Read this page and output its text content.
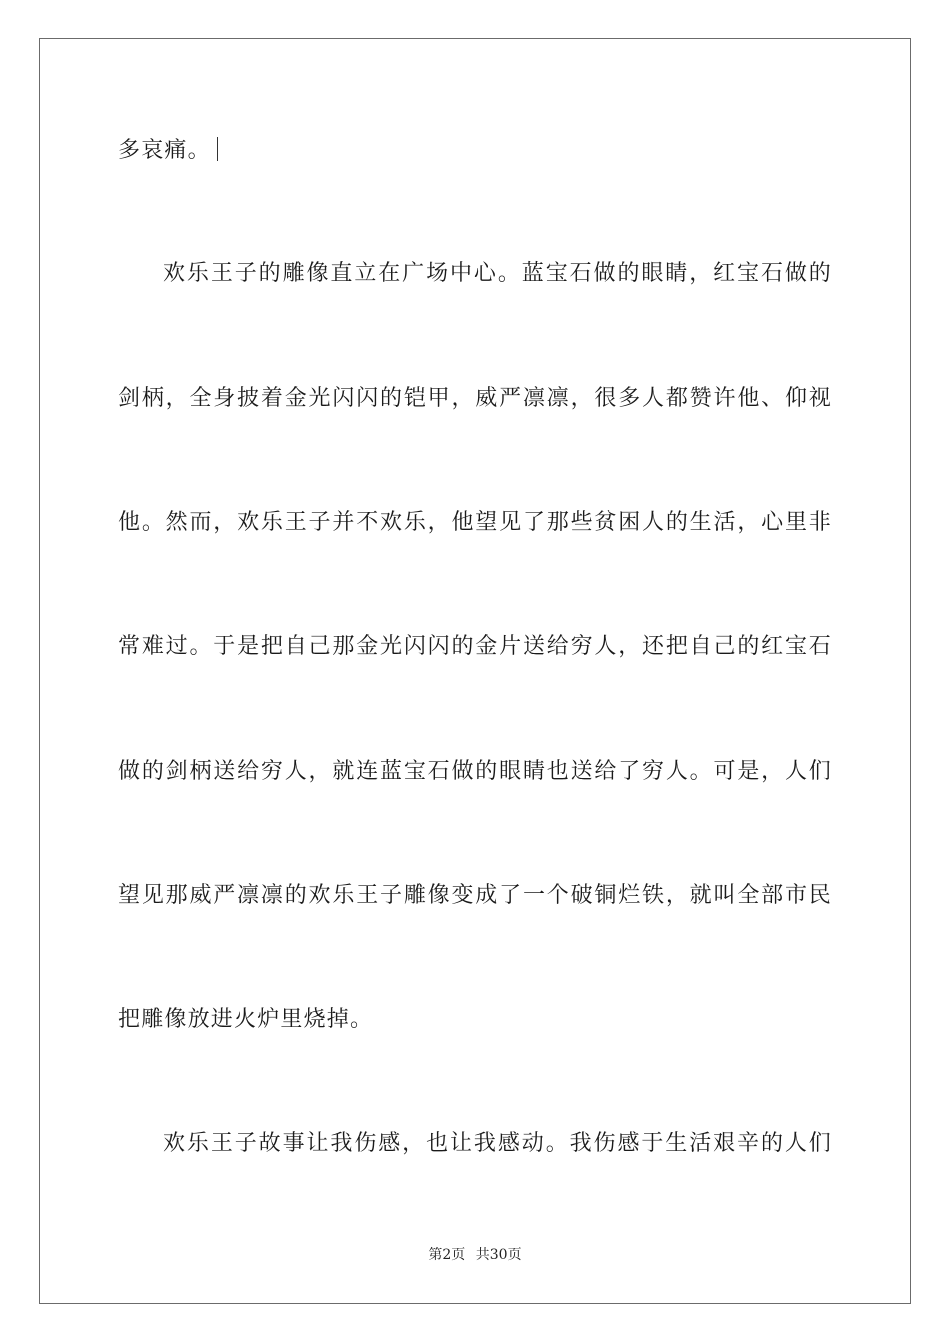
多哀痛。
欢乐王子的雕像直立在广场中心。蓝宝石做的眼睛，红宝石做的
剑柄，全身披着金光闪闪的铠甲，威严凛凛，很多人都赞许他、仰视
他。然而，欢乐王子并不欢乐，他望见了那些贫困人的生活，心里非
常难过。于是把自己那金光闪闪的金片送给穷人，还把自己的红宝石
做的剑柄送给穷人，就连蓝宝石做的眼睛也送给了穷人。可是，人们
望见那威严凛凛的欢乐王子雕像变成了一个破铜烂铁，就叫全部市民
把雕像放进火炉里烧掉。
欢乐王子故事让我伤感，也让我感动。我伤感于生活艰辛的人们
第2页 共30页
